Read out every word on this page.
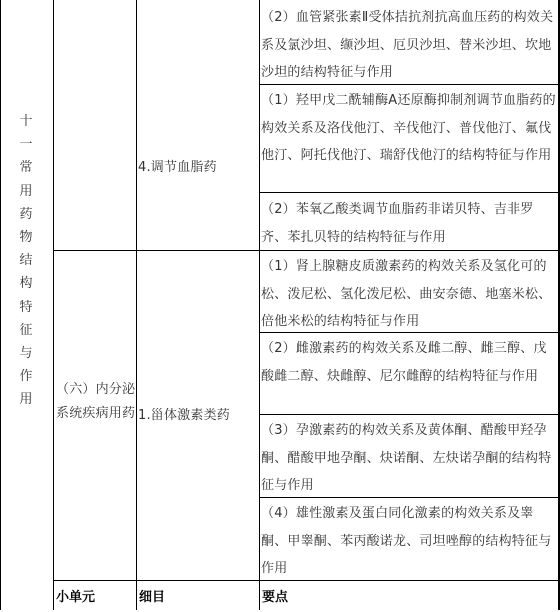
十
一
常
用
药
物
结
构
特
征
与
作
用
（六）内分泌系统疾病用药
4.调节血脂药
1.甾体激素类药
（2）血管紧张素Ⅱ受体拮抗剂抗高血压药的构效关系及氯沙坦、缬沙坦、厄贝沙坦、替米沙坦、坎地沙坦的结构特征与作用
（1）羟甲戊二酰辅酶A还原酶抑制剂调节血脂药的构效关系及洛伐他汀、辛伐他汀、普伐他汀、氟伐他汀、阿托伐他汀、瑞舒伐他汀的结构特征与作用
（2）苯氧乙酸类调节血脂药非诺贝特、吉非罗齐、苯扎贝特的结构特征与作用
（1）肾上腺糖皮质激素药的构效关系及氢化可的松、泼尼松、氢化泼尼松、曲安奈德、地塞米松、倍他米松的结构特征与作用
（2）雌激素药的构效关系及雌二醇、雌三醇、戊酸雌二醇、炔雌醇、尼尔雌醇的结构特征与作用
（3）孕激素药的构效关系及黄体酮、醋酸甲羟孕酮、醋酸甲地孕酮、炔诺酮、左炔诺孕酮的结构特征与作用
（4）雄性激素及蛋白同化激素的构效关系及睾酮、甲睾酮、苯丙酸诺龙、司坦唑醇的结构特征与作用
小单元	细目	要点
